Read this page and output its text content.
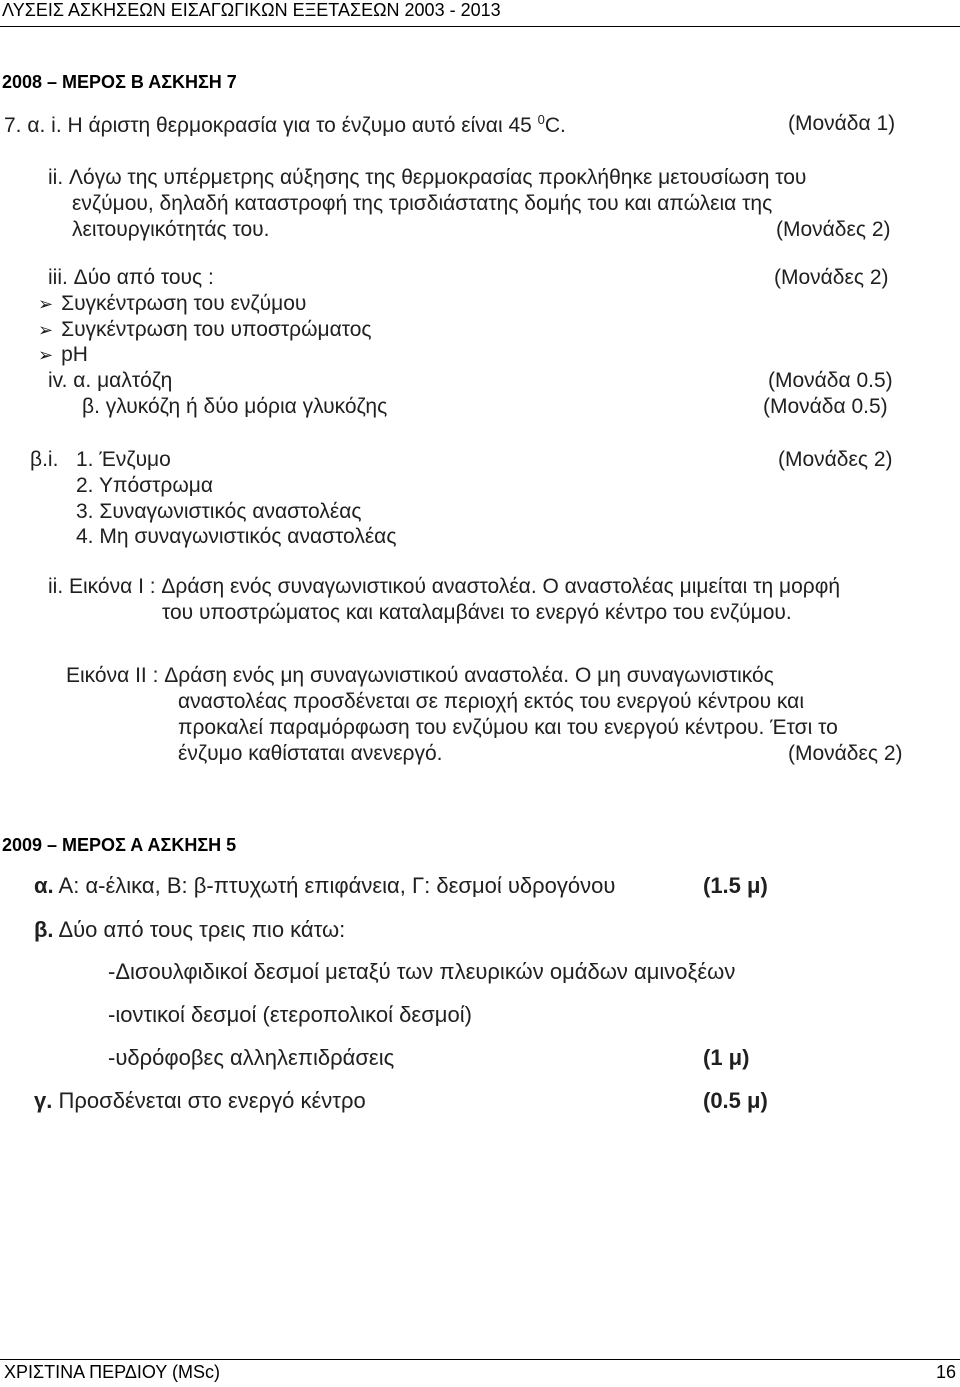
ΛΥΣΕΙΣ ΑΣΚΗΣΕΩΝ ΕΙΣΑΓΩΓΙΚΩΝ ΕΞΕΤΑΣΕΩΝ 2003 - 2013
2008 – ΜΕΡΟΣ Β ΑΣΚΗΣΗ 7
7. α. i. Η άριστη θερμοκρασία για το ένζυμο αυτό είναι 45 $^0$C.	(Μονάδα 1)
ii. Λόγω της υπέρμετρης αύξησης της θερμοκρασίας προκλήθηκε μετουσίωση του
ενζύμου, δηλαδή καταστροφή της τρισδιάστατης δομής του και απώλεια της
λειτουργικότητάς του.	(Μονάδες 2)
iii. Δύο από τους :	(Μονάδες 2)
➢ Συγκέντρωση του ενζύμου
➢ Συγκέντρωση του υποστρώματος
➢ pH
iv. α. μαλτόζη	(Μονάδα 0.5)
β. γλυκόζη ή δύο μόρια γλυκόζης	(Μονάδα 0.5)
β.i. 1. Ένζυμο	(Μονάδες 2)
2. Υπόστρωμα
3. Συναγωνιστικός αναστολέας
4. Μη συναγωνιστικός αναστολέας
ii. Εικόνα I : Δράση ενός συναγωνιστικού αναστολέα. Ο αναστολέας μιμείται τη μορφή
του υποστρώματος και καταλαμβάνει το ενεργό κέντρο του ενζύμου.
Εικόνα II : Δράση ενός μη συναγωνιστικού αναστολέα. Ο μη συναγωνιστικός
αναστολέας προσδένεται σε περιοχή εκτός του ενεργού κέντρου και
προκαλεί παραμόρφωση του ενζύμου και του ενεργού κέντρου. Έτσι το
ένζυμο καθίσταται ανενεργό.	(Μονάδες 2)
2009 – ΜΕΡΟΣ Α ΑΣΚΗΣΗ 5
α. Α: α-έλικα, Β: β-πτυχωτή επιφάνεια, Γ: δεσμοί υδρογόνου	(1.5 μ)
β. Δύο από τους τρεις πιο κάτω:
-Δισουλφιδικοί δεσμοί μεταξύ των πλευρικών ομάδων αμινοξέων
-ιοντικοί δεσμοί (ετεροπολικοί δεσμοί)
-υδρόφοβες αλληλεπιδράσεις	(1 μ)
γ. Προσδένεται στο ενεργό κέντρο	(0.5 μ)
ΧΡΙΣΤΙΝΑ ΠΕΡΔΙΟΥ (MSc)	16
